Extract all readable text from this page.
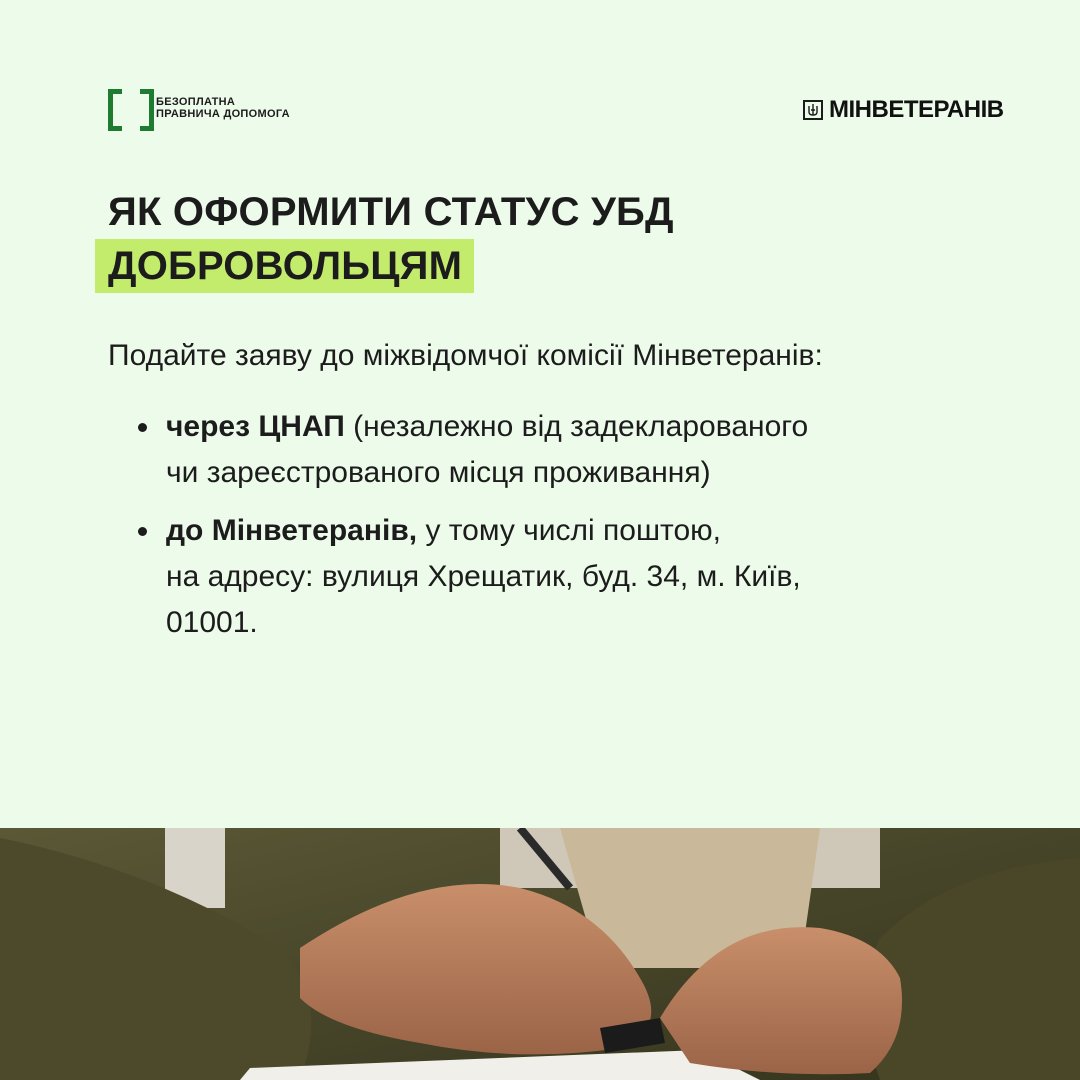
БЕЗОПЛАТНА
ПРАВНИЧА ДОПОМОГА	МІНВЕТЕРАНІВ
ЯК ОФОРМИТИ СТАТУС УБД
ДОБРОВОЛЬЦЯМ
Подайте заяву до міжвідомчої комісії Мінветеранів:
через ЦНАП (незалежно від задекларованого
чи зареєстрованого місця проживання)
до Мінветеранів, у тому числі поштою,
на адресу: вулиця Хрещатик, буд. 34, м. Київ,
01001.
